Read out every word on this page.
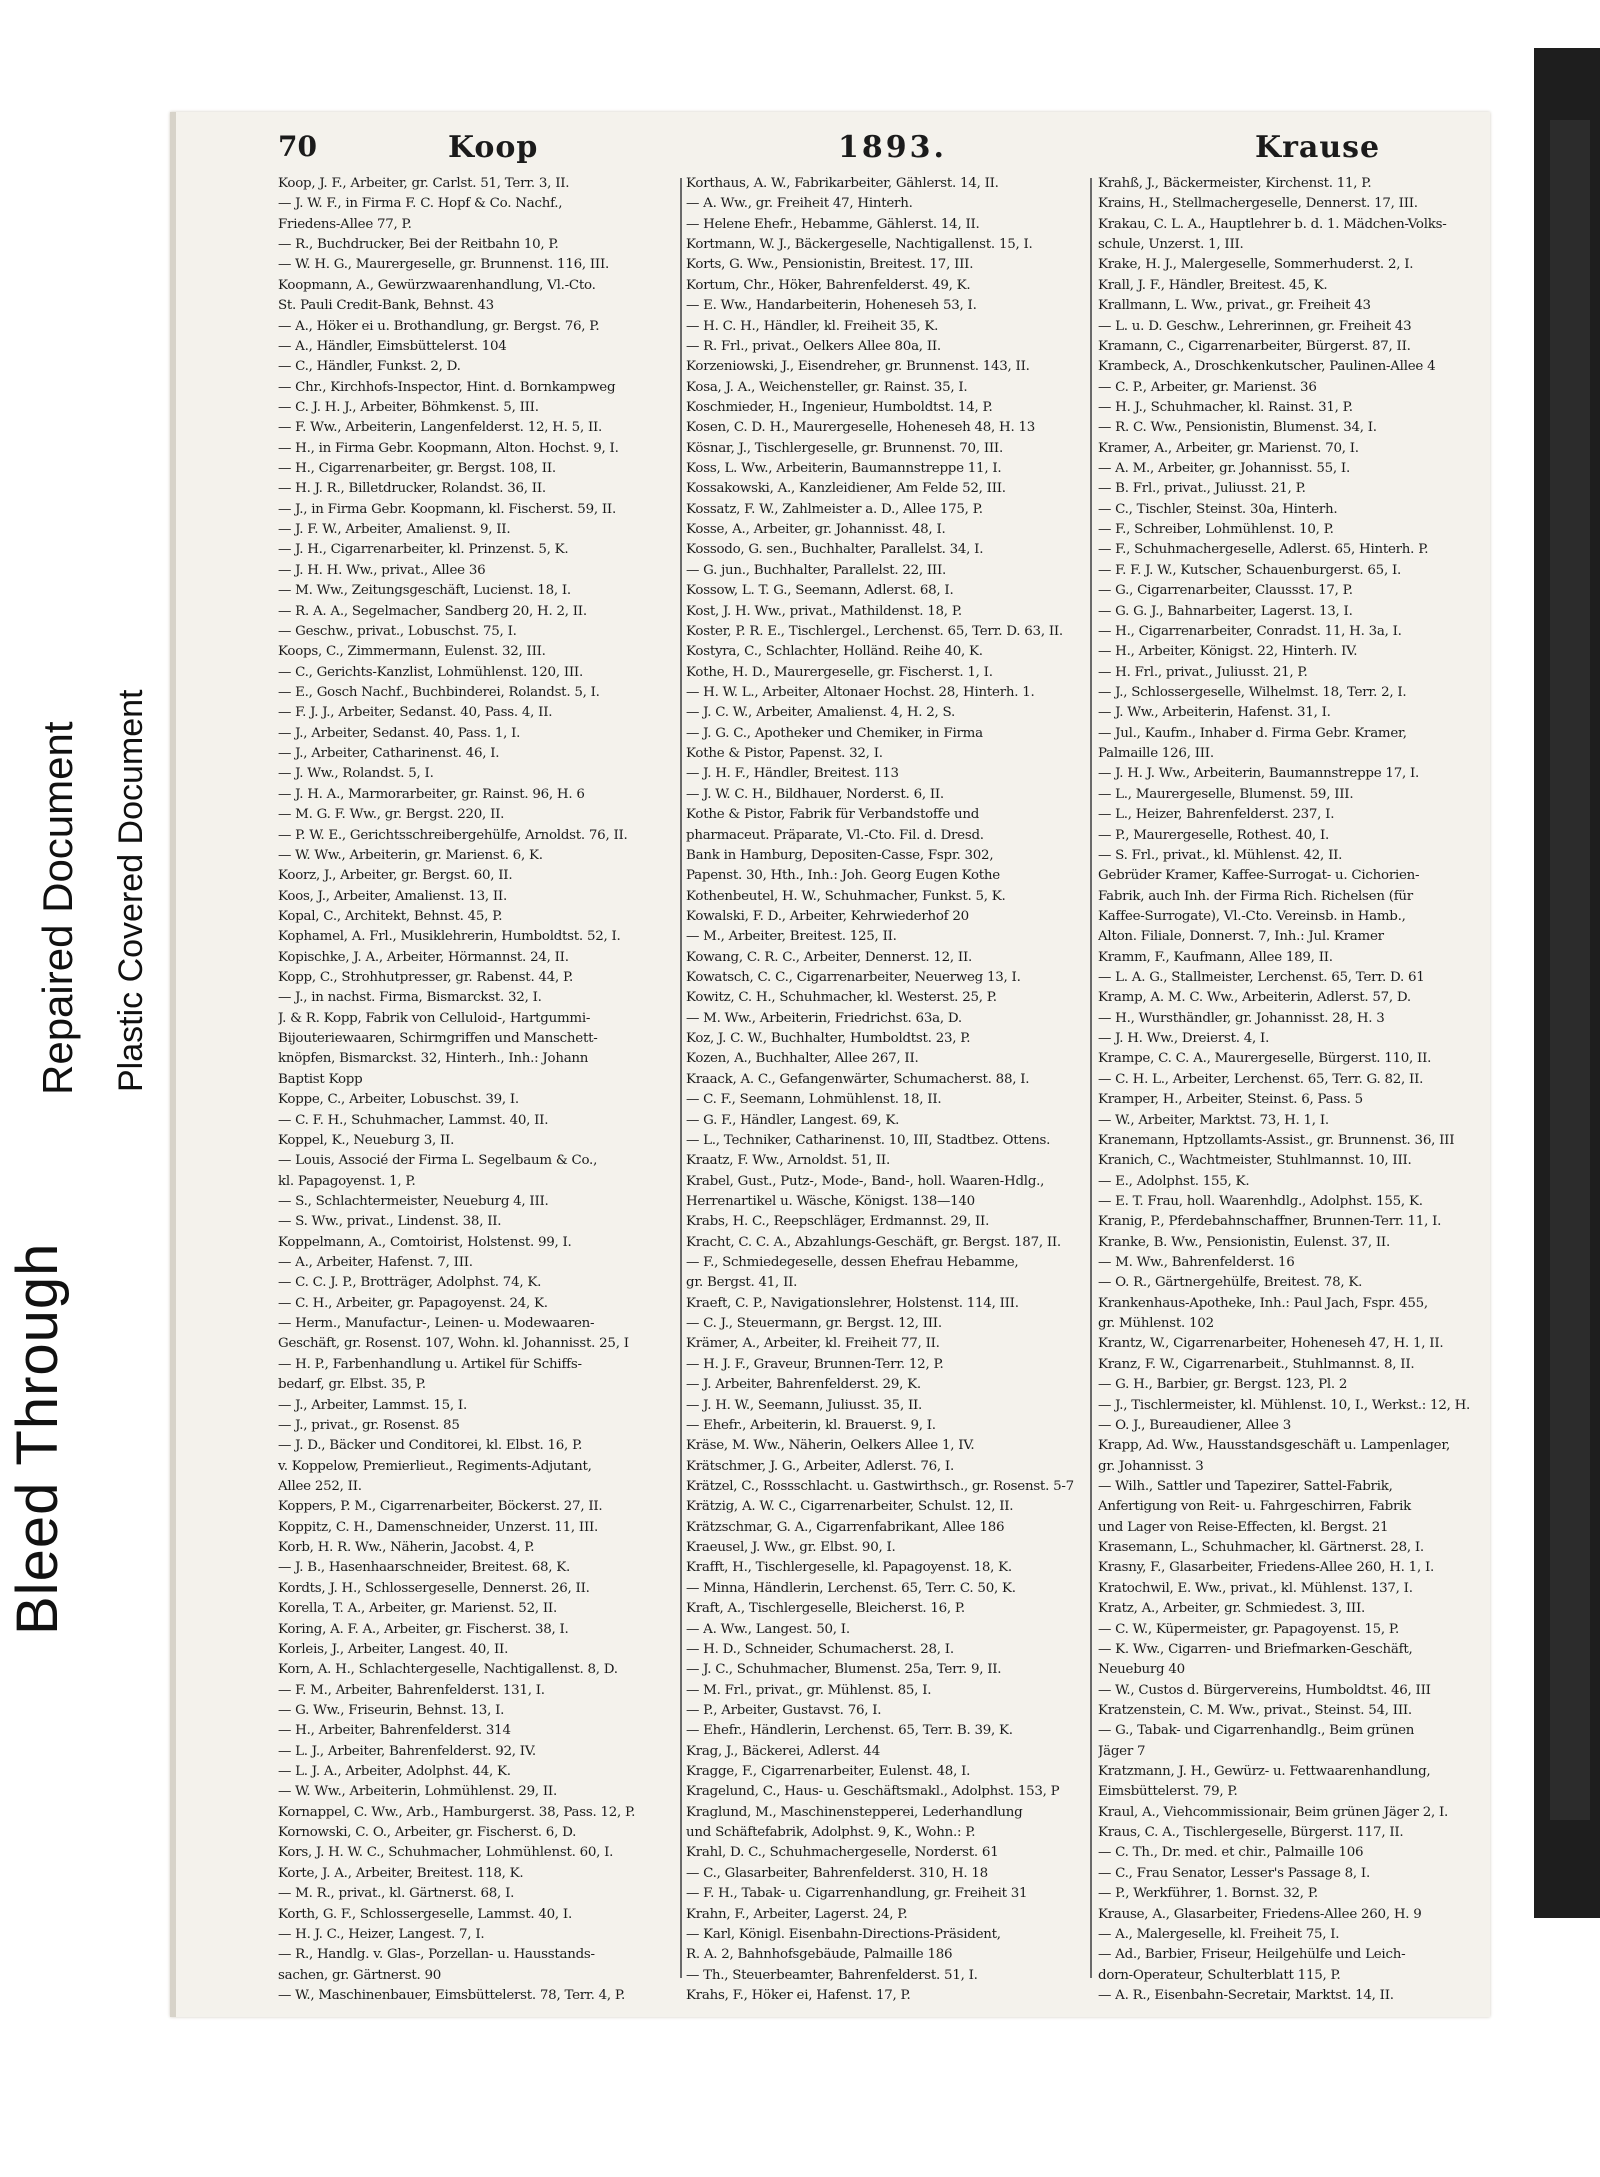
Bleed Through
Repaired Document Plastic Covered Document
70	Koop	1893.	Krause
Koop, J. F., Arbeiter, gr. Carlst. 51, Terr. 3, II.
— J. W. F., in Firma F. C. Hopf & Co. Nachf.,
Friedens-Allee 77, P.
— R., Buchdrucker, Bei der Reitbahn 10, P.
— W. H. G., Maurergeselle, gr. Brunnenst. 116, III.
Koopmann, A., Gewürzwaarenhandlung, Vl.-Cto.
St. Pauli Credit-Bank, Behnst. 43
— A., Höker ei u. Brothandlung, gr. Bergst. 76, P.
— A., Händler, Eimsbüttelerst. 104
— C., Händler, Funkst. 2, D.
— Chr., Kirchhofs-Inspector, Hint. d. Bornkampweg
— C. J. H. J., Arbeiter, Böhmkenst. 5, III.
— F. Ww., Arbeiterin, Langenfelderst. 12, H. 5, II.
— H., in Firma Gebr. Koopmann, Alton. Hochst. 9, I.
— H., Cigarrenarbeiter, gr. Bergst. 108, II.
— H. J. R., Billetdrucker, Rolandst. 36, II.
— J., in Firma Gebr. Koopmann, kl. Fischerst. 59, II.
— J. F. W., Arbeiter, Amalienst. 9, II.
— J. H., Cigarrenarbeiter, kl. Prinzenst. 5, K.
— J. H. H. Ww., privat., Allee 36
— M. Ww., Zeitungsgeschäft, Lucienst. 18, I.
— R. A. A., Segelmacher, Sandberg 20, H. 2, II.
— Geschw., privat., Lobuschst. 75, I.
Koops, C., Zimmermann, Eulenst. 32, III.
— C., Gerichts-Kanzlist, Lohmühlenst. 120, III.
— E., Gosch Nachf., Buchbinderei, Rolandst. 5, I.
— F. J. J., Arbeiter, Sedanst. 40, Pass. 4, II.
— J., Arbeiter, Sedanst. 40, Pass. 1, I.
— J., Arbeiter, Catharinenst. 46, I.
— J. Ww., Rolandst. 5, I.
— J. H. A., Marmorarbeiter, gr. Rainst. 96, H. 6
— M. G. F. Ww., gr. Bergst. 220, II.
— P. W. E., Gerichtsschreibergehülfe, Arnoldst. 76, II.
— W. Ww., Arbeiterin, gr. Marienst. 6, K.
Koorz, J., Arbeiter, gr. Bergst. 60, II.
Koos, J., Arbeiter, Amalienst. 13, II.
Kopal, C., Architekt, Behnst. 45, P.
Kophamel, A. Frl., Musiklehrerin, Humboldtst. 52, I.
Kopischke, J. A., Arbeiter, Hörmannst. 24, II.
Kopp, C., Strohhutpresser, gr. Rabenst. 44, P.
— J., in nachst. Firma, Bismarckst. 32, I.
J. & R. Kopp, Fabrik von Celluloid-, Hartgummi-
Bijouteriewaaren, Schirmgriffen und Manschett-
knöpfen, Bismarckst. 32, Hinterh., Inh.: Johann
Baptist Kopp
Koppe, C., Arbeiter, Lobuschst. 39, I.
— C. F. H., Schuhmacher, Lammst. 40, II.
Koppel, K., Neueburg 3, II.
— Louis, Associé der Firma L. Segelbaum & Co.,
kl. Papagoyenst. 1, P.
— S., Schlachtermeister, Neueburg 4, III.
— S. Ww., privat., Lindenst. 38, II.
Koppelmann, A., Comtoirist, Holstenst. 99, I.
— A., Arbeiter, Hafenst. 7, III.
— C. C. J. P., Brotträger, Adolphst. 74, K.
— C. H., Arbeiter, gr. Papagoyenst. 24, K.
— Herm., Manufactur-, Leinen- u. Modewaaren-
Geschäft, gr. Rosenst. 107, Wohn. kl. Johannisst. 25, I
— H. P., Farbenhandlung u. Artikel für Schiffs-
bedarf, gr. Elbst. 35, P.
— J., Arbeiter, Lammst. 15, I.
— J., privat., gr. Rosenst. 85
— J. D., Bäcker und Conditorei, kl. Elbst. 16, P.
v. Koppelow, Premierlieut., Regiments-Adjutant,
Allee 252, II.
Koppers, P. M., Cigarrenarbeiter, Böckerst. 27, II.
Koppitz, C. H., Damenschneider, Unzerst. 11, III.
Korb, H. R. Ww., Näherin, Jacobst. 4, P.
— J. B., Hasenhaarschneider, Breitest. 68, K.
Kordts, J. H., Schlossergeselle, Dennerst. 26, II.
Korella, T. A., Arbeiter, gr. Marienst. 52, II.
Koring, A. F. A., Arbeiter, gr. Fischerst. 38, I.
Korleis, J., Arbeiter, Langest. 40, II.
Korn, A. H., Schlachtergeselle, Nachtigallenst. 8, D.
— F. M., Arbeiter, Bahrenfelderst. 131, I.
— G. Ww., Friseurin, Behnst. 13, I.
— H., Arbeiter, Bahrenfelderst. 314
— L. J., Arbeiter, Bahrenfelderst. 92, IV.
— L. J. A., Arbeiter, Adolphst. 44, K.
— W. Ww., Arbeiterin, Lohmühlenst. 29, II.
Kornappel, C. Ww., Arb., Hamburgerst. 38, Pass. 12, P.
Kornowski, C. O., Arbeiter, gr. Fischerst. 6, D.
Kors, J. H. W. C., Schuhmacher, Lohmühlenst. 60, I.
Korte, J. A., Arbeiter, Breitest. 118, K.
— M. R., privat., kl. Gärtnerst. 68, I.
Korth, G. F., Schlossergeselle, Lammst. 40, I.
— H. J. C., Heizer, Langest. 7, I.
— R., Handlg. v. Glas-, Porzellan- u. Hausstands-
sachen, gr. Gärtnerst. 90
— W., Maschinenbauer, Eimsbüttelerst. 78, Terr. 4, P.
Korthaus, A. W., Fabrikarbeiter, Gählerst. 14, II.
— A. Ww., gr. Freiheit 47, Hinterh.
— Helene Ehefr., Hebamme, Gählerst. 14, II.
Kortmann, W. J., Bäckergeselle, Nachtigallenst. 15, I.
Korts, G. Ww., Pensionistin, Breitest. 17, III.
Kortum, Chr., Höker, Bahrenfelderst. 49, K.
— E. Ww., Handarbeiterin, Hoheneseh 53, I.
— H. C. H., Händler, kl. Freiheit 35, K.
— R. Frl., privat., Oelkers Allee 80a, II.
Korzeniowski, J., Eisendreher, gr. Brunnenst. 143, II.
Kosa, J. A., Weichensteller, gr. Rainst. 35, I.
Koschmieder, H., Ingenieur, Humboldtst. 14, P.
Kosen, C. D. H., Maurergeselle, Hoheneseh 48, H. 13
Kösnar, J., Tischlergeselle, gr. Brunnenst. 70, III.
Koss, L. Ww., Arbeiterin, Baumannstreppe 11, I.
Kossakowski, A., Kanzleidiener, Am Felde 52, III.
Kossatz, F. W., Zahlmeister a. D., Allee 175, P.
Kosse, A., Arbeiter, gr. Johannisst. 48, I.
Kossodo, G. sen., Buchhalter, Parallelst. 34, I.
— G. jun., Buchhalter, Parallelst. 22, III.
Kossow, L. T. G., Seemann, Adlerst. 68, I.
Kost, J. H. Ww., privat., Mathildenst. 18, P.
Koster, P. R. E., Tischlergel., Lerchenst. 65, Terr. D. 63, II.
Kostyra, C., Schlachter, Holländ. Reihe 40, K.
Kothe, H. D., Maurergeselle, gr. Fischerst. 1, I.
— H. W. L., Arbeiter, Altonaer Hochst. 28, Hinterh. 1.
— J. C. W., Arbeiter, Amalienst. 4, H. 2, S.
— J. G. C., Apotheker und Chemiker, in Firma
Kothe & Pistor, Papenst. 32, I.
— J. H. F., Händler, Breitest. 113
— J. W. C. H., Bildhauer, Norderst. 6, II.
Kothe & Pistor, Fabrik für Verbandstoffe und
pharmaceut. Präparate, Vl.-Cto. Fil. d. Dresd.
Bank in Hamburg, Depositen-Casse, Fspr. 302,
Papenst. 30, Hth., Inh.: Joh. Georg Eugen Kothe
Kothenbeutel, H. W., Schuhmacher, Funkst. 5, K.
Kowalski, F. D., Arbeiter, Kehrwiederhof 20
— M., Arbeiter, Breitest. 125, II.
Kowang, C. R. C., Arbeiter, Dennerst. 12, II.
Kowatsch, C. C., Cigarrenarbeiter, Neuerweg 13, I.
Kowitz, C. H., Schuhmacher, kl. Westerst. 25, P.
— M. Ww., Arbeiterin, Friedrichst. 63a, D.
Koz, J. C. W., Buchhalter, Humboldtst. 23, P.
Kozen, A., Buchhalter, Allee 267, II.
Kraack, A. C., Gefangenwärter, Schumacherst. 88, I.
— C. F., Seemann, Lohmühlenst. 18, II.
— G. F., Händler, Langest. 69, K.
— L., Techniker, Catharinenst. 10, III, Stadtbez. Ottens.
Kraatz, F. Ww., Arnoldst. 51, II.
Krabel, Gust., Putz-, Mode-, Band-, holl. Waaren-Hdlg.,
Herrenartikel u. Wäsche, Königst. 138—140
Krabs, H. C., Reepschläger, Erdmannst. 29, II.
Kracht, C. C. A., Abzahlungs-Geschäft, gr. Bergst. 187, II.
— F., Schmiedegeselle, dessen Ehefrau Hebamme,
gr. Bergst. 41, II.
Kraeft, C. P., Navigationslehrer, Holstenst. 114, III.
— C. J., Steuermann, gr. Bergst. 12, III.
Krämer, A., Arbeiter, kl. Freiheit 77, II.
— H. J. F., Graveur, Brunnen-Terr. 12, P.
— J. Arbeiter, Bahrenfelderst. 29, K.
— J. H. W., Seemann, Juliusst. 35, II.
— Ehefr., Arbeiterin, kl. Brauerst. 9, I.
Kräse, M. Ww., Näherin, Oelkers Allee 1, IV.
Krätschmer, J. G., Arbeiter, Adlerst. 76, I.
Krätzel, C., Rossschlacht. u. Gastwirthsch., gr. Rosenst. 5-7
Krätzig, A. W. C., Cigarrenarbeiter, Schulst. 12, II.
Krätzschmar, G. A., Cigarrenfabrikant, Allee 186
Kraeusel, J. Ww., gr. Elbst. 90, I.
Krafft, H., Tischlergeselle, kl. Papagoyenst. 18, K.
— Minna, Händlerin, Lerchenst. 65, Terr. C. 50, K.
Kraft, A., Tischlergeselle, Bleicherst. 16, P.
— A. Ww., Langest. 50, I.
— H. D., Schneider, Schumacherst. 28, I.
— J. C., Schuhmacher, Blumenst. 25a, Terr. 9, II.
— M. Frl., privat., gr. Mühlenst. 85, I.
— P., Arbeiter, Gustavst. 76, I.
— Ehefr., Händlerin, Lerchenst. 65, Terr. B. 39, K.
Krag, J., Bäckerei, Adlerst. 44
Kragge, F., Cigarrenarbeiter, Eulenst. 48, I.
Kragelund, C., Haus- u. Geschäftsmakl., Adolphst. 153, P
Kraglund, M., Maschinenstepperei, Lederhandlung
und Schäftefabrik, Adolphst. 9, K., Wohn.: P.
Krahl, D. C., Schuhmachergeselle, Norderst. 61
— C., Glasarbeiter, Bahrenfelderst. 310, H. 18
— F. H., Tabak- u. Cigarrenhandlung, gr. Freiheit 31
Krahn, F., Arbeiter, Lagerst. 24, P.
— Karl, Königl. Eisenbahn-Directions-Präsident,
R. A. 2, Bahnhofsgebäude, Palmaille 186
— Th., Steuerbeamter, Bahrenfelderst. 51, I.
Krahs, F., Höker ei, Hafenst. 17, P.
Krahß, J., Bäckermeister, Kirchenst. 11, P.
Krains, H., Stellmachergeselle, Dennerst. 17, III.
Krakau, C. L. A., Hauptlehrer b. d. 1. Mädchen-Volks-
schule, Unzerst. 1, III.
Krake, H. J., Malergeselle, Sommerhuderst. 2, I.
Krall, J. F., Händler, Breitest. 45, K.
Krallmann, L. Ww., privat., gr. Freiheit 43
— L. u. D. Geschw., Lehrerinnen, gr. Freiheit 43
Kramann, C., Cigarrenarbeiter, Bürgerst. 87, II.
Krambeck, A., Droschkenkutscher, Paulinen-Allee 4
— C. P., Arbeiter, gr. Marienst. 36
— H. J., Schuhmacher, kl. Rainst. 31, P.
— R. C. Ww., Pensionistin, Blumenst. 34, I.
Kramer, A., Arbeiter, gr. Marienst. 70, I.
— A. M., Arbeiter, gr. Johannisst. 55, I.
— B. Frl., privat., Juliusst. 21, P.
— C., Tischler, Steinst. 30a, Hinterh.
— F., Schreiber, Lohmühlenst. 10, P.
— F., Schuhmachergeselle, Adlerst. 65, Hinterh. P.
— F. F. J. W., Kutscher, Schauenburgerst. 65, I.
— G., Cigarrenarbeiter, Claussst. 17, P.
— G. G. J., Bahnarbeiter, Lagerst. 13, I.
— H., Cigarrenarbeiter, Conradst. 11, H. 3a, I.
— H., Arbeiter, Königst. 22, Hinterh. IV.
— H. Frl., privat., Juliusst. 21, P.
— J., Schlossergeselle, Wilhelmst. 18, Terr. 2, I.
— J. Ww., Arbeiterin, Hafenst. 31, I.
— Jul., Kaufm., Inhaber d. Firma Gebr. Kramer,
Palmaille 126, III.
— J. H. J. Ww., Arbeiterin, Baumannstreppe 17, I.
— L., Maurergeselle, Blumenst. 59, III.
— L., Heizer, Bahrenfelderst. 237, I.
— P., Maurergeselle, Rothest. 40, I.
— S. Frl., privat., kl. Mühlenst. 42, II.
Gebrüder Kramer, Kaffee-Surrogat- u. Cichorien-
Fabrik, auch Inh. der Firma Rich. Richelsen (für
Kaffee-Surrogate), Vl.-Cto. Vereinsb. in Hamb.,
Alton. Filiale, Donnerst. 7, Inh.: Jul. Kramer
Kramm, F., Kaufmann, Allee 189, II.
— L. A. G., Stallmeister, Lerchenst. 65, Terr. D. 61
Kramp, A. M. C. Ww., Arbeiterin, Adlerst. 57, D.
— H., Wursthändler, gr. Johannisst. 28, H. 3
— J. H. Ww., Dreierst. 4, I.
Krampe, C. C. A., Maurergeselle, Bürgerst. 110, II.
— C. H. L., Arbeiter, Lerchenst. 65, Terr. G. 82, II.
Kramper, H., Arbeiter, Steinst. 6, Pass. 5
— W., Arbeiter, Marktst. 73, H. 1, I.
Kranemann, Hptzollamts-Assist., gr. Brunnenst. 36, III
Kranich, C., Wachtmeister, Stuhlmannst. 10, III.
— E., Adolphst. 155, K.
— E. T. Frau, holl. Waarenhdlg., Adolphst. 155, K.
Kranig, P., Pferdebahnschaffner, Brunnen-Terr. 11, I.
Kranke, B. Ww., Pensionistin, Eulenst. 37, II.
— M. Ww., Bahrenfelderst. 16
— O. R., Gärtnergehülfe, Breitest. 78, K.
Krankenhaus-Apotheke, Inh.: Paul Jach, Fspr. 455,
gr. Mühlenst. 102
Krantz, W., Cigarrenarbeiter, Hoheneseh 47, H. 1, II.
Kranz, F. W., Cigarrenarbeit., Stuhlmannst. 8, II.
— G. H., Barbier, gr. Bergst. 123, Pl. 2
— J., Tischlermeister, kl. Mühlenst. 10, I., Werkst.: 12, H.
— O. J., Bureaudiener, Allee 3
Krapp, Ad. Ww., Hausstandsgeschäft u. Lampenlager,
gr. Johannisst. 3
— Wilh., Sattler und Tapezirer, Sattel-Fabrik,
Anfertigung von Reit- u. Fahrgeschirren, Fabrik
und Lager von Reise-Effecten, kl. Bergst. 21
Krasemann, L., Schuhmacher, kl. Gärtnerst. 28, I.
Krasny, F., Glasarbeiter, Friedens-Allee 260, H. 1, I.
Kratochwil, E. Ww., privat., kl. Mühlenst. 137, I.
Kratz, A., Arbeiter, gr. Schmiedest. 3, III.
— C. W., Küpermeister, gr. Papagoyenst. 15, P.
— K. Ww., Cigarren- und Briefmarken-Geschäft,
Neueburg 40
— W., Custos d. Bürgervereins, Humboldtst. 46, III
Kratzenstein, C. M. Ww., privat., Steinst. 54, III.
— G., Tabak- und Cigarrenhandlg., Beim grünen
Jäger 7
Kratzmann, J. H., Gewürz- u. Fettwaarenhandlung,
Eimsbüttelerst. 79, P.
Kraul, A., Viehcommissionair, Beim grünen Jäger 2, I.
Kraus, C. A., Tischlergeselle, Bürgerst. 117, II.
— C. Th., Dr. med. et chir., Palmaille 106
— C., Frau Senator, Lesser's Passage 8, I.
— P., Werkführer, 1. Bornst. 32, P.
Krause, A., Glasarbeiter, Friedens-Allee 260, H. 9
— A., Malergeselle, kl. Freiheit 75, I.
— Ad., Barbier, Friseur, Heilgehülfe und Leich-
dorn-Operateur, Schulterblatt 115, P.
— A. R., Eisenbahn-Secretair, Marktst. 14, II.
